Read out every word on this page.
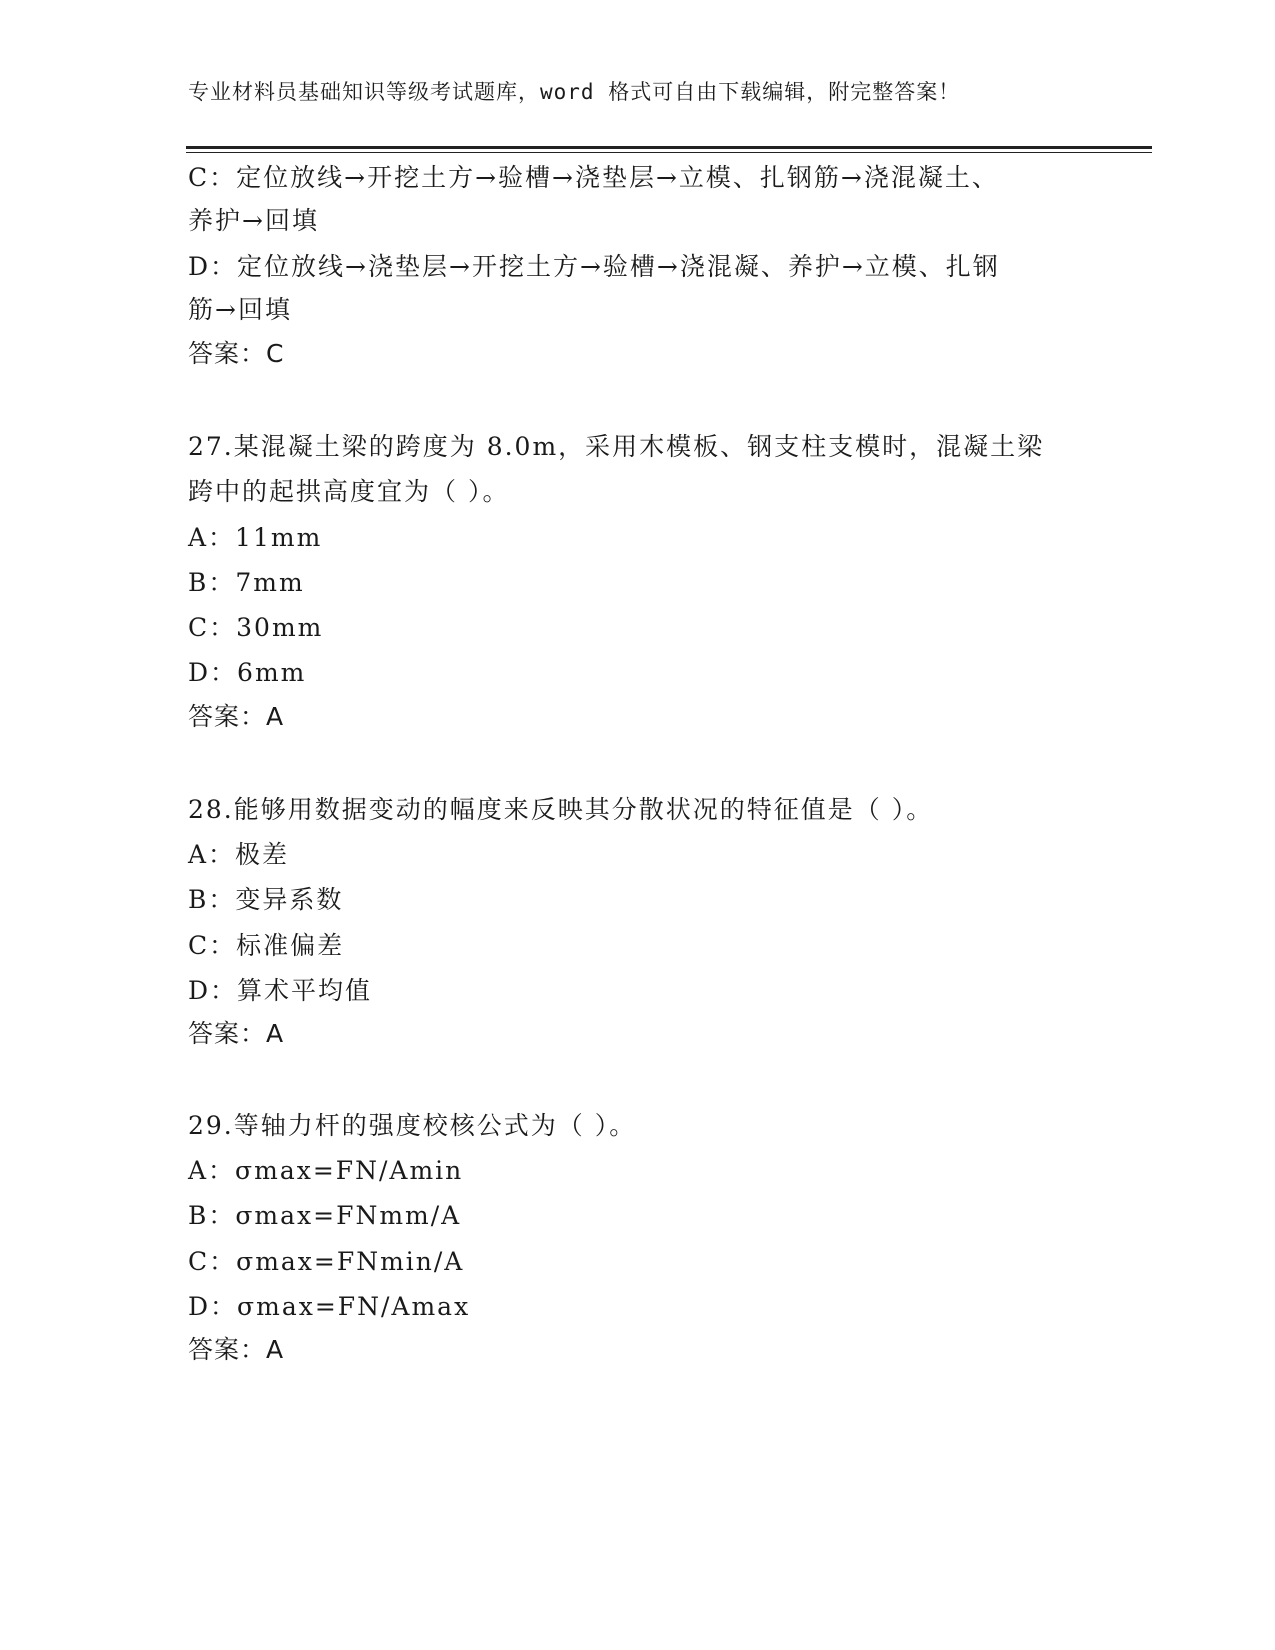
专业材料员基础知识等级考试题库，word 格式可自由下载编辑，附完整答案！
C：定位放线→开挖土方→验槽→浇垫层→立模、扎钢筋→浇混凝土、
养护→回填
D：定位放线→浇垫层→开挖土方→验槽→浇混凝、养护→立模、扎钢
筋→回填
答案：C
27.某混凝土梁的跨度为 8.0m，采用木模板、钢支柱支模时，混凝土梁
跨中的起拱高度宜为（ ）。
A：11mm
B：7mm
C：30mm
D：6mm
答案：A
28.能够用数据变动的幅度来反映其分散状况的特征值是（ ）。
A：极差
B：变异系数
C：标准偏差
D：算术平均值
答案：A
29.等轴力杆的强度校核公式为（ ）。
A：σmax=FN/Amin
B：σmax=FNmm/A
C：σmax=FNmin/A
D：σmax=FN/Amax
答案：A
